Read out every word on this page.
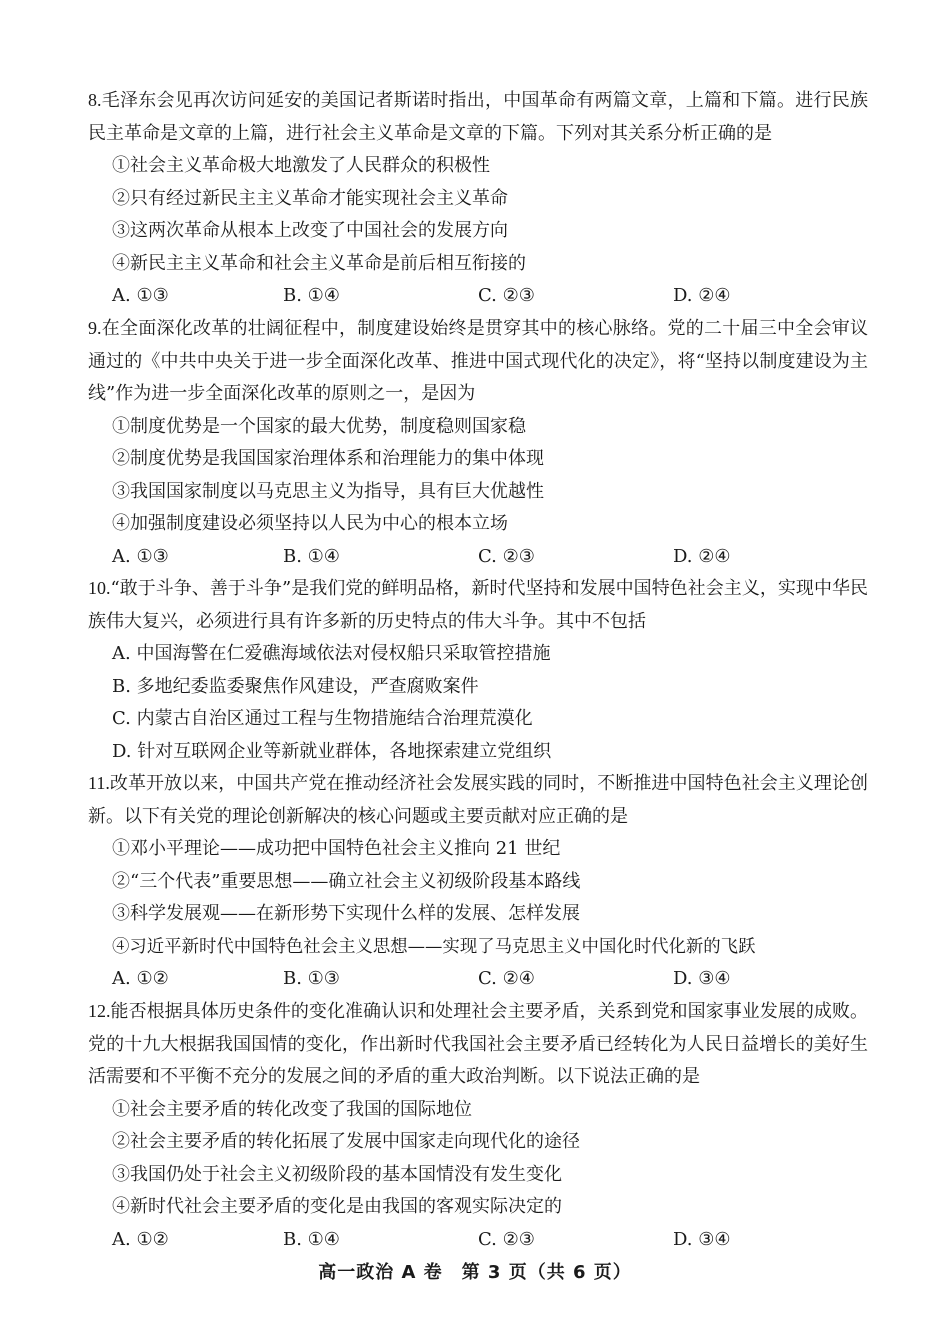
8.毛泽东会见再次访问延安的美国记者斯诺时指出，中国革命有两篇文章，上篇和下篇。进行民族民主革命是文章的上篇，进行社会主义革命是文章的下篇。下列对其关系分析正确的是
①社会主义革命极大地激发了人民群众的积极性
②只有经过新民主主义革命才能实现社会主义革命
③这两次革命从根本上改变了中国社会的发展方向
④新民主主义革命和社会主义革命是前后相互衔接的
A. ①③	B. ①④	C. ②③	D. ②④
9.在全面深化改革的壮阔征程中，制度建设始终是贯穿其中的核心脉络。党的二十届三中全会审议通过的《中共中央关于进一步全面深化改革、推进中国式现代化的决定》，将“坚持以制度建设为主线”作为进一步全面深化改革的原则之一，是因为
①制度优势是一个国家的最大优势，制度稳则国家稳
②制度优势是我国国家治理体系和治理能力的集中体现
③我国国家制度以马克思主义为指导，具有巨大优越性
④加强制度建设必须坚持以人民为中心的根本立场
A. ①③	B. ①④	C. ②③	D. ②④
10.“敢于斗争、善于斗争”是我们党的鲜明品格，新时代坚持和发展中国特色社会主义，实现中华民族伟大复兴，必须进行具有许多新的历史特点的伟大斗争。其中不包括
A. 中国海警在仁爱礁海域依法对侵权船只采取管控措施
B. 多地纪委监委聚焦作风建设，严查腐败案件
C. 内蒙古自治区通过工程与生物措施结合治理荒漠化
D. 针对互联网企业等新就业群体，各地探索建立党组织
11.改革开放以来，中国共产党在推动经济社会发展实践的同时，不断推进中国特色社会主义理论创新。以下有关党的理论创新解决的核心问题或主要贡献对应正确的是
①邓小平理论——成功把中国特色社会主义推向 21 世纪
②“三个代表”重要思想——确立社会主义初级阶段基本路线
③科学发展观——在新形势下实现什么样的发展、怎样发展
④习近平新时代中国特色社会主义思想——实现了马克思主义中国化时代化新的飞跃
A. ①②	B. ①③	C. ②④	D. ③④
12.能否根据具体历史条件的变化准确认识和处理社会主要矛盾，关系到党和国家事业发展的成败。党的十九大根据我国国情的变化，作出新时代我国社会主要矛盾已经转化为人民日益增长的美好生活需要和不平衡不充分的发展之间的矛盾的重大政治判断。以下说法正确的是
①社会主要矛盾的转化改变了我国的国际地位
②社会主要矛盾的转化拓展了发展中国家走向现代化的途径
③我国仍处于社会主义初级阶段的基本国情没有发生变化
④新时代社会主要矛盾的变化是由我国的客观实际决定的
A. ①②	B. ①④	C. ②③	D. ③④
高一政治 A 卷　第 3 页（共 6 页）
